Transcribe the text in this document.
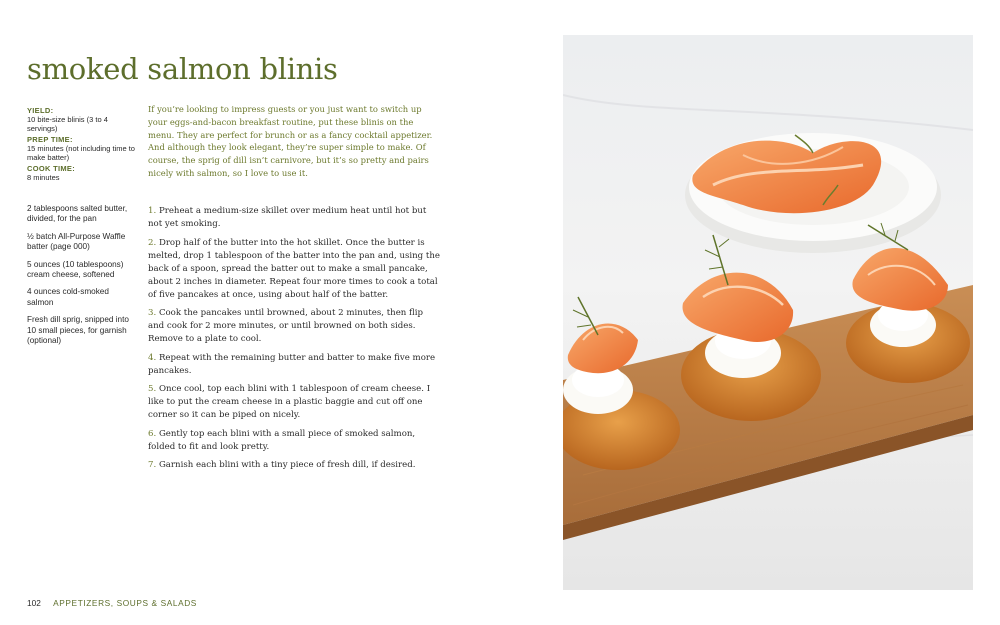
smoked salmon blinis
YIELD:
10 bite-size blinis (3 to 4 servings)
PREP TIME:
15 minutes (not including time to make batter)
COOK TIME:
8 minutes

If you’re looking to impress guests or you just want to switch up your eggs-and-bacon breakfast routine, put these blinis on the menu. They are perfect for brunch or as a fancy cocktail appetizer. And although they look elegant, they’re super simple to make. Of course, the sprig of dill isn’t carnivore, but it’s so pretty and pairs nicely with salmon, so I love to use it.

2 tablespoons salted butter, divided, for the pan
½ batch All-Purpose Waffle batter (page 000)
5 ounces (10 tablespoons) cream cheese, softened
4 ounces cold-smoked salmon
Fresh dill sprig, snipped into 10 small pieces, for garnish (optional)
1. Preheat a medium-size skillet over medium heat until hot but not yet smoking.
2. Drop half of the butter into the hot skillet. Once the butter is melted, drop 1 tablespoon of the batter into the pan and, using the back of a spoon, spread the batter out to make a small pancake, about 2 inches in diameter. Repeat four more times to cook a total of five pancakes at once, using about half of the batter.
3. Cook the pancakes until browned, about 2 minutes, then flip and cook for 2 more minutes, or until browned on both sides. Remove to a plate to cool.
4. Repeat with the remaining butter and batter to make five more pancakes.
5. Once cool, top each blini with 1 tablespoon of cream cheese. I like to put the cream cheese in a plastic baggie and cut off one corner so it can be piped on nicely.
6. Gently top each blini with a small piece of smoked salmon, folded to fit and look pretty.
7. Garnish each blini with a tiny piece of fresh dill, if desired.
102 APPETIZERS, SOUPS & SALADS
